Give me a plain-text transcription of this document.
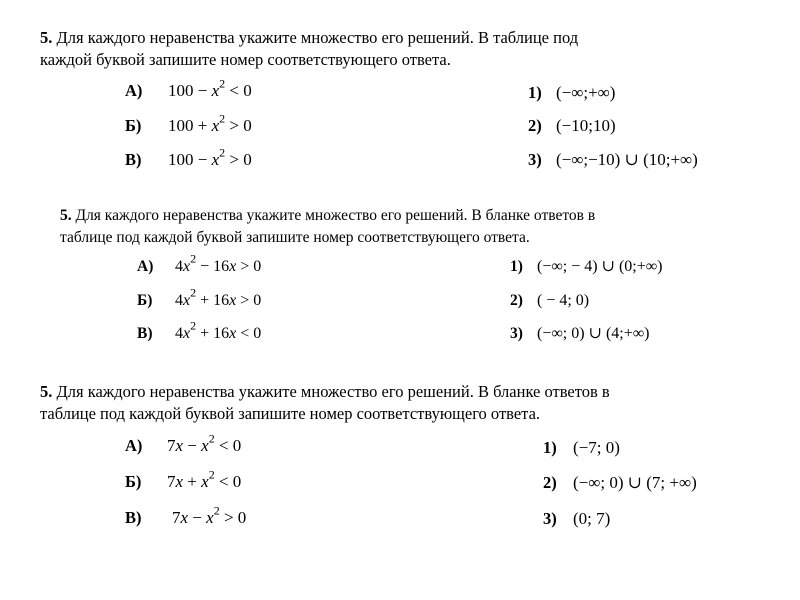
5. Для каждого неравенства укажите множество его решений. В таблице под
каждой буквой запишите номер соответствующего ответа.
А) $100 - x^2 < 0$
Б) $100 + x^2 > 0$
В) $100 - x^2 > 0$
1) (−∞;+∞)
2) (−10;10)
3) (−∞;−10) ∪ (10;+∞)
5. Для каждого неравенства укажите множество его решений. В бланке ответов в
таблице под каждой буквой запишите номер соответствующего ответа.
А) $4x^2 - 16x > 0$
Б) $4x^2 + 16x > 0$
В) $4x^2 + 16x < 0$
1) (−∞; − 4) ∪ (0;+∞)
2) ( − 4; 0)
3) (−∞; 0) ∪ (4;+∞)
5. Для каждого неравенства укажите множество его решений. В бланке ответов в
таблице под каждой буквой запишите номер соответствующего ответа.
А) $7x - x^2 < 0$
Б) $7x + x^2 < 0$
В) $7x - x^2 > 0$
1) (−7; 0)
2) (−∞; 0) ∪ (7; +∞)
3) (0; 7)
